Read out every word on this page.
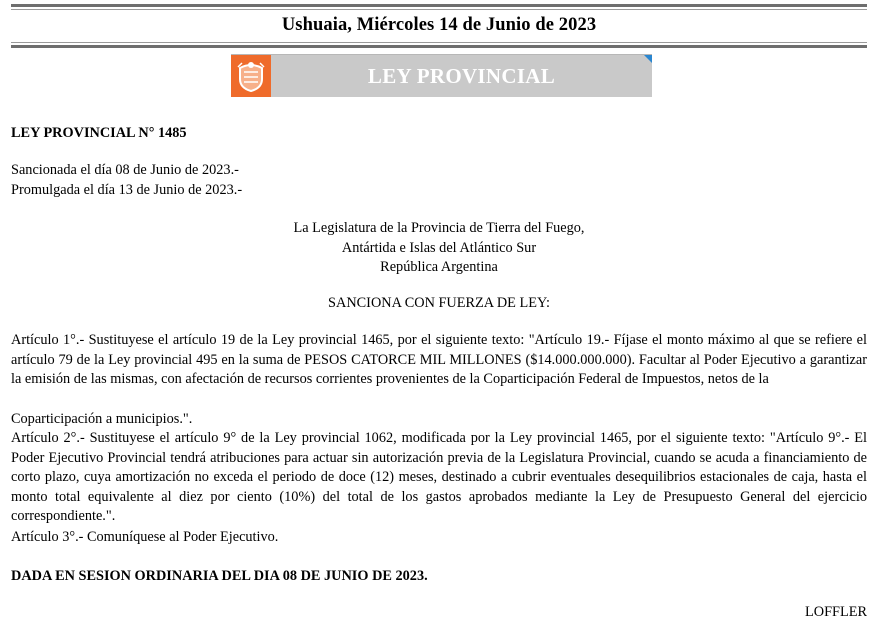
Ushuaia, Miércoles 14 de Junio de 2023
LEY PROVINCIAL
LEY PROVINCIAL N° 1485
Sancionada el día 08 de Junio de 2023.-
Promulgada el día 13 de Junio de 2023.-
La Legislatura de la Provincia de Tierra del Fuego,
Antártida e Islas del Atlántico Sur
República Argentina
SANCIONA CON FUERZA DE LEY:
Artículo 1°.- Sustituyese el artículo 19 de la Ley provincial 1465, por el siguiente texto: "Artículo 19.- Fíjase el monto máximo al que se refiere el artículo 79 de la Ley provincial 495 en la suma de PESOS CATORCE MIL MILLONES ($14.000.000.000). Facultar al Poder Ejecutivo a garantizar la emisión de las mismas, con afectación de recursos corrientes provenientes de la Coparticipación Federal de Impuestos, netos de la
Coparticipación a municipios.".
Artículo 2°.- Sustituyese el artículo 9° de la Ley provincial 1062, modificada por la Ley provincial 1465, por el siguiente texto: "Artículo 9°.- El Poder Ejecutivo Provincial tendrá atribuciones para actuar sin autorización previa de la Legislatura Provincial, cuando se acuda a financiamiento de corto plazo, cuya amortización no exceda el periodo de doce (12) meses, destinado a cubrir eventuales desequilibrios estacionales de caja, hasta el monto total equivalente al diez por ciento (10%) del total de los gastos aprobados mediante la Ley de Presupuesto General del ejercicio correspondiente.".
Artículo 3°.- Comuníquese al Poder Ejecutivo.
DADA EN SESION ORDINARIA DEL DIA 08 DE JUNIO DE 2023.
LOFFLER
